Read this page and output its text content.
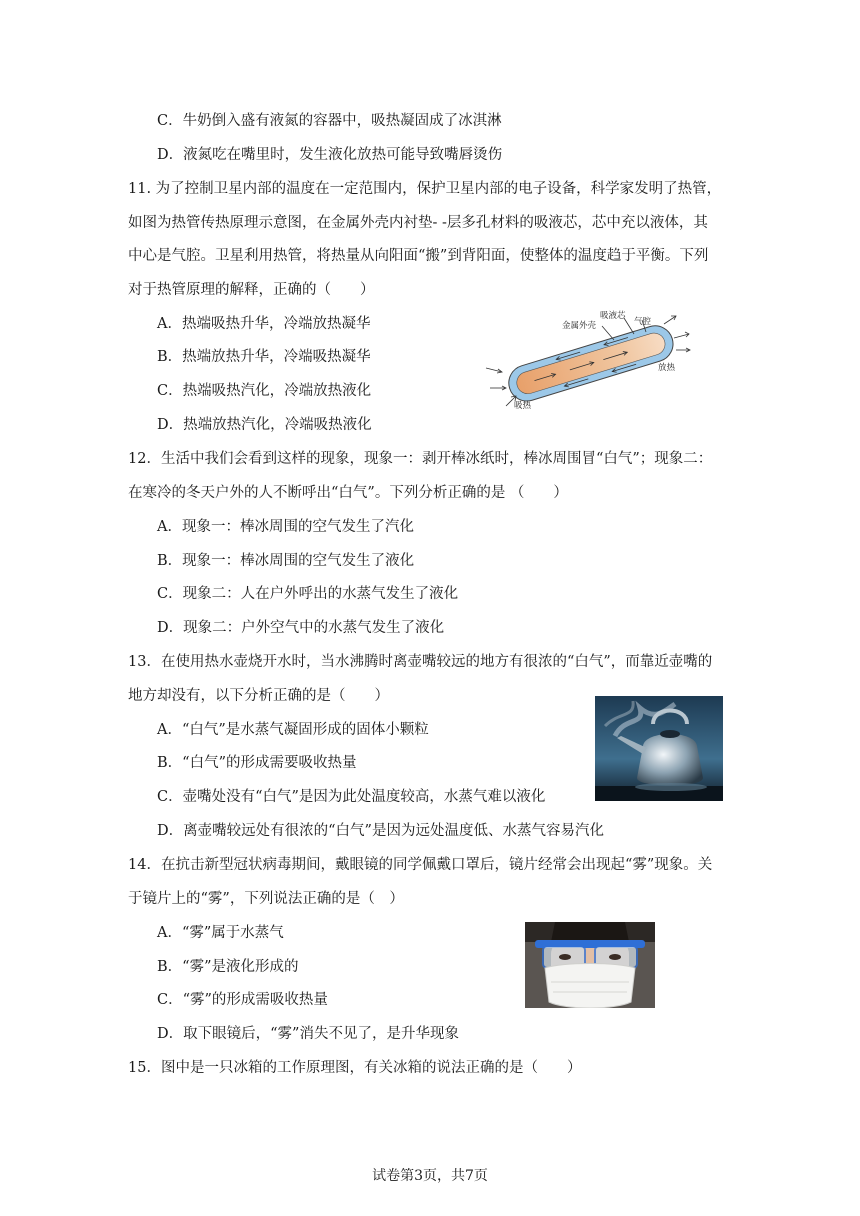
C．牛奶倒入盛有液氮的容器中，吸热凝固成了冰淇淋
D．液氮吃在嘴里时，发生液化放热可能导致嘴唇烫伤
11. 为了控制卫星内部的温度在一定范围内，保护卫星内部的电子设备，科学家发明了热管，
如图为热管传热原理示意图，在金属外壳内衬垫- -层多孔材料的吸液芯，芯中充以液体，其
中心是气腔。卫星利用热管，将热量从向阳面“搬”到背阳面，使整体的温度趋于平衡。下列
对于热管原理的解释，正确的（　　）
A．热端吸热升华，冷端放热凝华
B．热端放热升华，冷端吸热凝华
C．热端吸热汽化，冷端放热液化
D．热端放热汽化，冷端吸热液化
金属外壳
吸液芯
气腔
放热
吸热
12．生活中我们会看到这样的现象，现象一：剥开棒冰纸时，棒冰周围冒“白气”；现象二：
在寒冷的冬天户外的人不断呼出“白气”。下列分析正确的是 （　　）
A．现象一：棒冰周围的空气发生了汽化
B．现象一：棒冰周围的空气发生了液化
C．现象二：人在户外呼出的水蒸气发生了液化
D．现象二：户外空气中的水蒸气发生了液化
13．在使用热水壶烧开水时，当水沸腾时离壶嘴较远的地方有很浓的“白气”，而靠近壶嘴的
地方却没有，以下分析正确的是（　　）
A．“白气”是水蒸气凝固形成的固体小颗粒
B．“白气”的形成需要吸收热量
C．壶嘴处没有“白气”是因为此处温度较高，水蒸气难以液化
D．离壶嘴较远处有很浓的“白气”是因为远处温度低、水蒸气容易汽化
14．在抗击新型冠状病毒期间，戴眼镜的同学佩戴口罩后，镜片经常会出现起“雾”现象。关
于镜片上的“雾”，下列说法正确的是（　）
A．“雾”属于水蒸气
B．“雾”是液化形成的
C．“雾”的形成需吸收热量
D．取下眼镜后，“雾”消失不见了，是升华现象
15．图中是一只冰箱的工作原理图，有关冰箱的说法正确的是（　　）
试卷第3页，共7页
